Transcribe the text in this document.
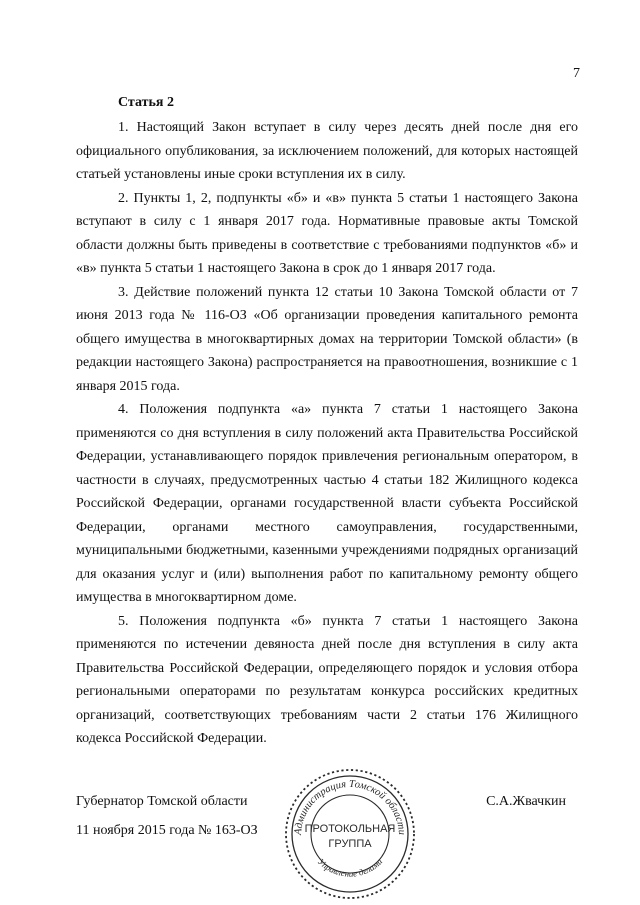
7
Статья 2

1. Настоящий Закон вступает в силу через десять дней после дня его официального опубликования, за исключением положений, для которых настоящей статьей установлены иные сроки вступления их в силу.

2. Пункты 1, 2, подпункты «б» и «в» пункта 5 статьи 1 настоящего Закона вступают в силу с 1 января 2017 года. Нормативные правовые акты Томской области должны быть приведены в соответствие с требованиями подпунктов «б» и «в» пункта 5 статьи 1 настоящего Закона в срок до 1 января 2017 года.

3. Действие положений пункта 12 статьи 10 Закона Томской области от 7 июня 2013 года № 116-ОЗ «Об организации проведения капитального ремонта общего имущества в многоквартирных домах на территории Томской области» (в редакции настоящего Закона) распространяется на правоотношения, возникшие с 1 января 2015 года.

4. Положения подпункта «а» пункта 7 статьи 1 настоящего Закона применяются со дня вступления в силу положений акта Правительства Российской Федерации, устанавливающего порядок привлечения региональным оператором, в частности в случаях, предусмотренных частью 4 статьи 182 Жилищного кодекса Российской Федерации, органами государственной власти субъекта Российской Федерации, органами местного самоуправления, государственными, муниципальными бюджетными, казенными учреждениями подрядных организаций для оказания услуг и (или) выполнения работ по капитальному ремонту общего имущества в многоквартирном доме.

5. Положения подпункта «б» пункта 7 статьи 1 настоящего Закона применяются по истечении девяноста дней после дня вступления в силу акта Правительства Российской Федерации, определяющего порядок и условия отбора региональными операторами по результатам конкурса российских кредитных организаций, соответствующих требованиям части 2 статьи 176 Жилищного кодекса Российской Федерации.

Губернатор Томской области
11 ноября 2015 года № 163-ОЗ
С.А.Жвачкин
Администрация Томской области
Управление делами
ПРОТОКОЛЬНАЯ
ГРУППА
